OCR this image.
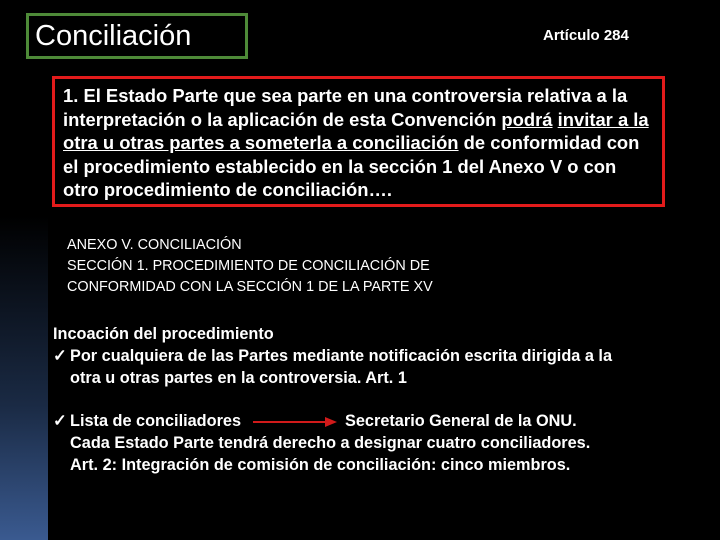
Conciliación	Artículo 284
1. El Estado Parte que sea parte en una controversia relativa a la interpretación o la aplicación de esta Convención podrá invitar a la otra u otras partes a someterla a conciliación de conformidad con el procedimiento establecido en la sección 1 del Anexo V o con otro procedimiento de conciliación….
ANEXO V. CONCILIACIÓN
SECCIÓN 1. PROCEDIMIENTO DE CONCILIACIÓN DE
CONFORMIDAD CON LA SECCIÓN 1 DE LA PARTE XV
Incoación del procedimiento
✓ Por cualquiera de las Partes mediante notificación escrita dirigida a la
otra u otras partes en la controversia. Art. 1
✓ Lista de conciliadores	Secretario General de la ONU.
Cada Estado Parte tendrá derecho a designar cuatro conciliadores.
Art. 2: Integración de comisión de conciliación: cinco miembros.
